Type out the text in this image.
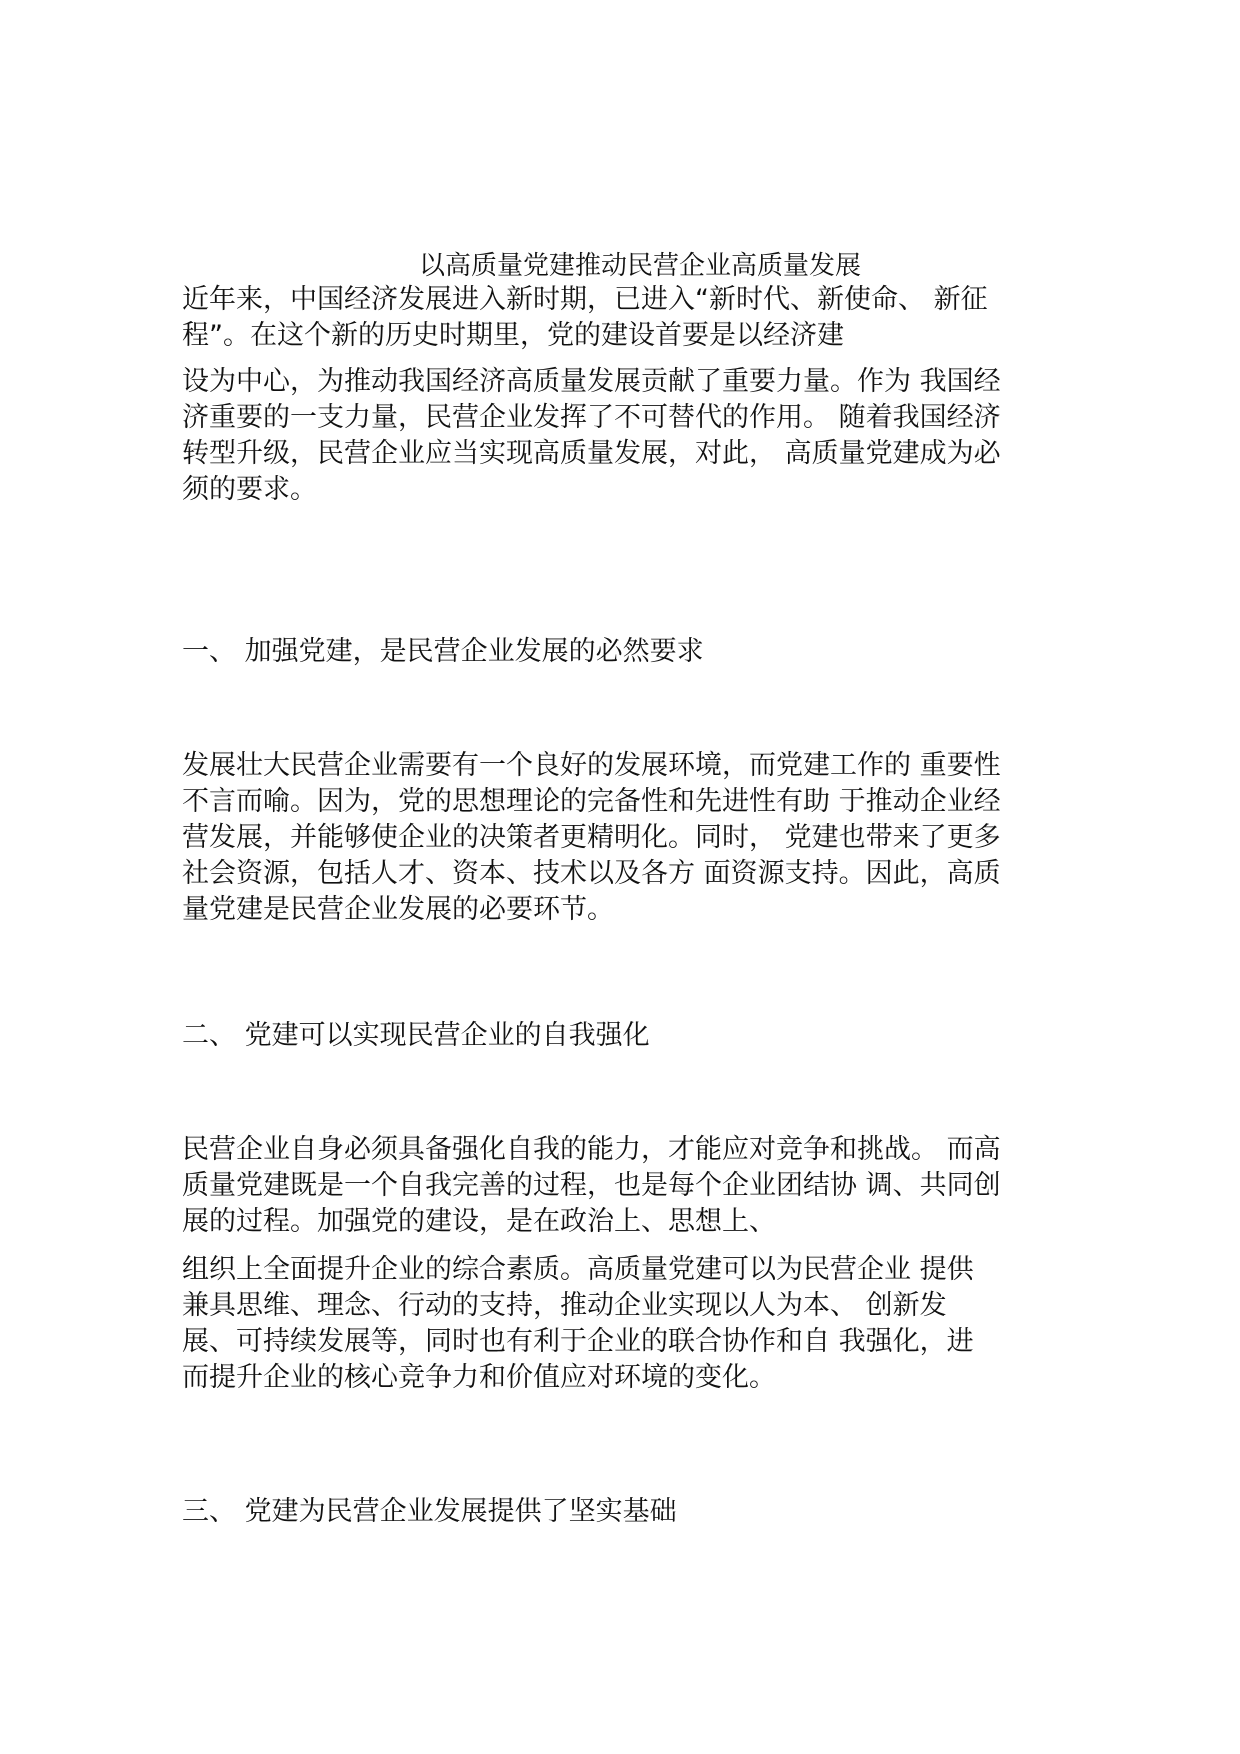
以高质量党建推动民营企业高质量发展
近年来，中国经济发展进入新时期，已进入“新时代、新使命、 新征
程”。在这个新的历史时期里，党的建设首要是以经济建
设为中心，为推动我国经济高质量发展贡献了重要力量。作为 我国经
济重要的一支力量，民营企业发挥了不可替代的作用。 随着我国经济
转型升级，民营企业应当实现高质量发展，对此， 高质量党建成为必
须的要求。
一、 加强党建，是民营企业发展的必然要求
发展壮大民营企业需要有一个良好的发展环境，而党建工作的 重要性
不言而喻。因为，党的思想理论的完备性和先进性有助 于推动企业经
营发展，并能够使企业的决策者更精明化。同时， 党建也带来了更多
社会资源，包括人才、资本、技术以及各方 面资源支持。因此，高质
量党建是民营企业发展的必要环节。
二、 党建可以实现民营企业的自我强化
民营企业自身必须具备强化自我的能力，才能应对竞争和挑战。 而高
质量党建既是一个自我完善的过程，也是每个企业团结协 调、共同创
展的过程。加强党的建设，是在政治上、思想上、
组织上全面提升企业的综合素质。高质量党建可以为民营企业 提供
兼具思维、理念、行动的支持，推动企业实现以人为本、 创新发
展、可持续发展等，同时也有利于企业的联合协作和自 我强化，进
而提升企业的核心竞争力和价值应对环境的变化。
三、 党建为民营企业发展提供了坚实基础
